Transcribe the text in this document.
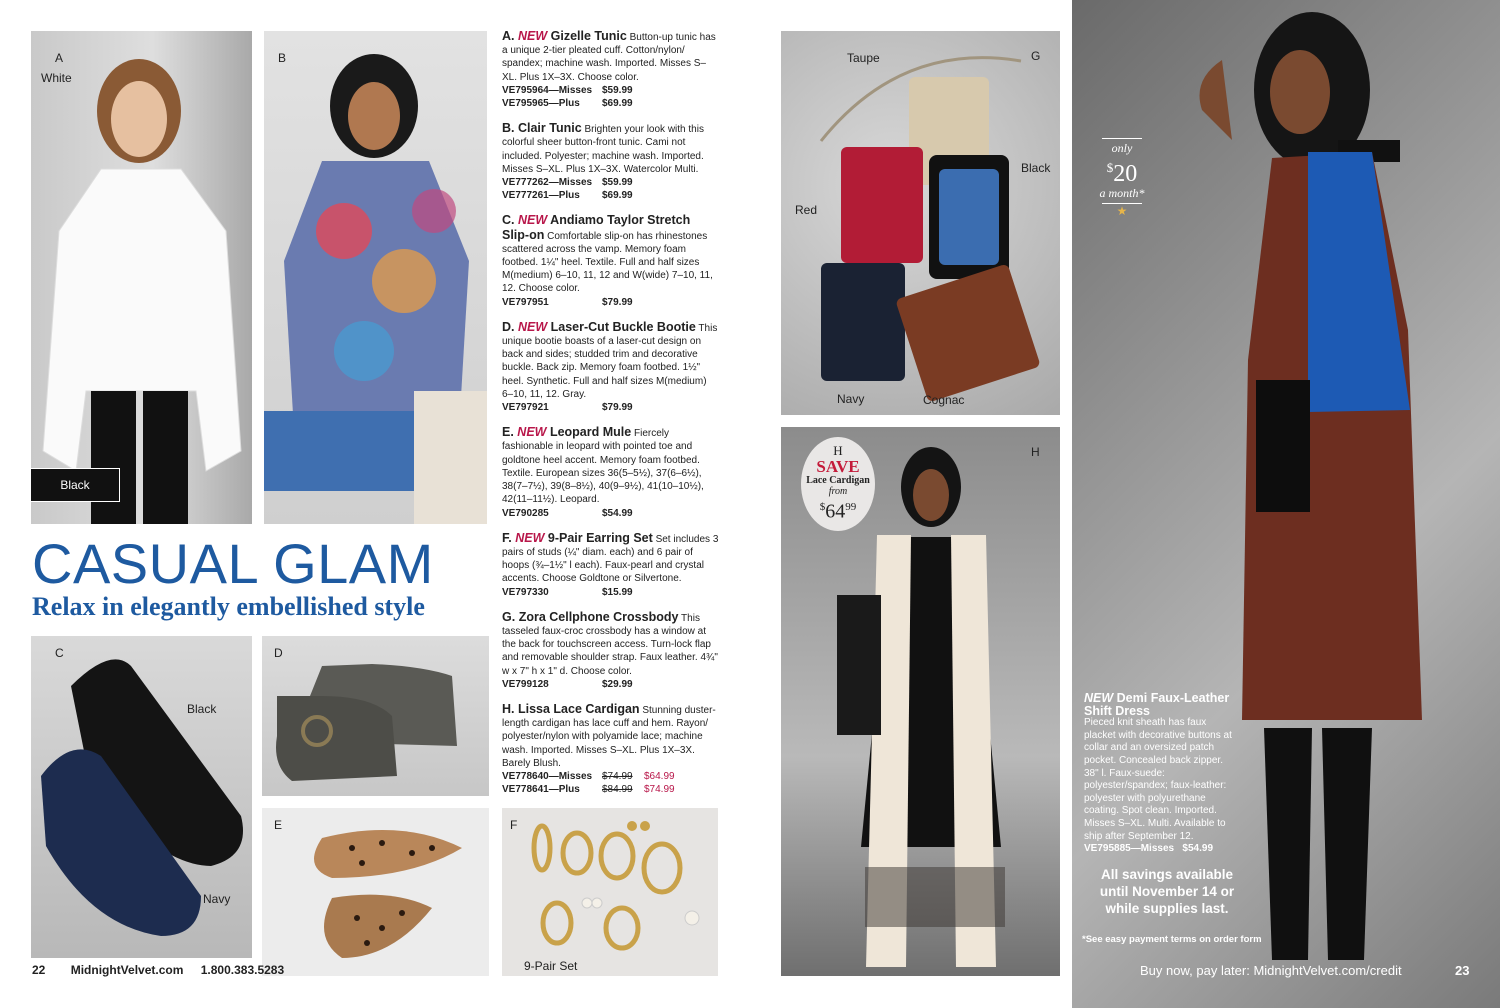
A
White
Black
B
CASUAL GLAM
Relax in elegantly embellished style
C
Black
Navy
D
E	F
9-Pair Set
22 MidnightVelvet.com 1.800.383.5283
A. NEW Gizelle Tunic Button-up tunic has a unique 2-tier pleated cuff. Cotton/nylon/ spandex; machine wash. Imported. Misses S–XL. Plus 1X–3X. Choose color.
VE795964—Misses $59.99
VE795965—Plus	$69.99
B. Clair Tunic Brighten your look with this colorful sheer button-front tunic. Cami not included. Polyester; machine wash. Imported. Misses S–XL. Plus 1X–3X. Watercolor Multi.
VE777262—Misses $59.99
VE777261—Plus	$69.99
C. NEW Andiamo Taylor Stretch Slip-on Comfortable slip-on has rhinestones scattered across the vamp. Memory foam footbed. 1¼" heel. Textile. Full and half sizes M(medium) 6–10, 11, 12 and W(wide) 7–10, 11, 12. Choose color.
VE797951	$79.99
D. NEW Laser-Cut Buckle Bootie This unique bootie boasts of a laser-cut design on back and sides; studded trim and decorative buckle. Back zip. Memory foam footbed. 1½" heel. Synthetic. Full and half sizes M(medium) 6–10, 11, 12. Gray.
VE797921	$79.99
E. NEW Leopard Mule Fiercely fashionable in leopard with pointed toe and goldtone heel accent. Memory foam footbed. Textile. European sizes 36(5–5½), 37(6–6½), 38(7–7½), 39(8–8½), 40(9–9½), 41(10–10½), 42(11–11½). Leopard.
VE790285	$54.99
F. NEW 9-Pair Earring Set Set includes 3 pairs of studs (¼" diam. each) and 6 pair of hoops (¾–1½" l each). Faux-pearl and crystal accents. Choose Goldtone or Silvertone.
VE797330	$15.99
G. Zora Cellphone Crossbody This tasseled faux-croc crossbody has a window at the back for touchscreen access. Turn-lock flap and removable shoulder strap. Faux leather. 4¾" w x 7" h x 1" d. Choose color.
VE799128	$29.99
H. Lissa Lace Cardigan Stunning duster-length cardigan has lace cuff and hem. Rayon/ polyester/nylon with polyamide lace; machine wash. Imported. Misses S–XL. Plus 1X–3X. Barely Blush.
VE778640—Misses $74.99	$64.99
VE778641—Plus	$84.99	$74.99
Taupe	G
Black
Red
Navy	Cognac
H
H
SAVE
Lace Cardigan
from
$^{\$}64^{99}$
only
$20
a month*
★
NEW Demi Faux-Leather Shift Dress
Pieced knit sheath has faux placket with decorative buttons at collar and an oversized patch pocket. Concealed back zipper. 38" l. Faux-suede: polyester/spandex; faux-leather: polyester with polyurethane coating. Spot clean. Imported. Misses S–XL. Multi. Available to ship after September 12.
VE795885—Misses $54.99
All savings available until November 14 or while supplies last.
*See easy payment terms on order form
Buy now, pay later: MidnightVelvet.com/credit	23
